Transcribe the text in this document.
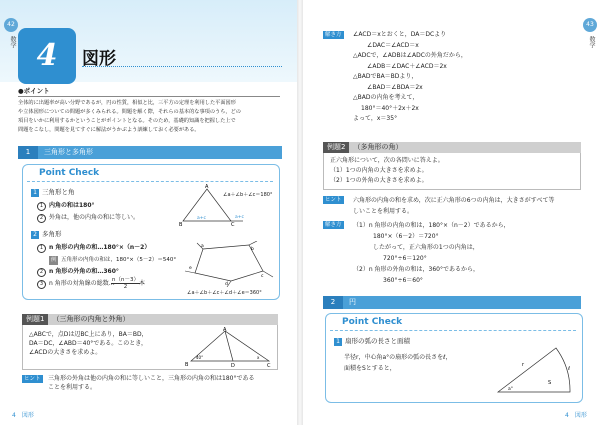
42
数学 4	図形
●ポイント
全体的に出題率が高い分野であるが，円の性質，相似と比，三平方の定理を利用した平面図形
や立体図形についての問題が多くみられる。問題を解く際，それらの基本的な事項のうち，どの
項目をいかに利用するかということがポイントとなる。そのため，基礎的知識を把握した上で
問題をこなし，問題を見てすぐに解法がうかぶよう訓練しておく必要がある。
1 三角形と多角形
Point Check
1 三角形と角
1 内角の和は180°
2 外角は，他の内角の和に等しい。
A
B	C
a+c	a+c
∠a＋∠b＋∠c＝180°
2 多角形
1 n 角形の内角の和…180°×（n－2）
例 五角形の内角の和は，180°×（5－2）＝540°
2 n 角形の外角の和…360°
3 n 角形の対角線の総数…
$\frac{n(n-3)}{2}$ 本
a
b
c
d
e
∠a＋∠b＋∠c＋∠d＋∠e＝360°
例題1 （三角形の内角と外角）
△ABCで，点Dは辺BC上にあり，BA＝BD，
DA＝DC，∠ABD＝40°である。このとき，
∠ACDの大きさを求めよ。
A
B	D	C
40°	x
ヒント	三角形の外角は他の内角の和に等しいこと，三角形の内角の和は180°である
ことを利用する。
4　図形
43
数学
解き方	∠ACD＝xとおくと，DA＝DCより
∠DAC＝∠ACD＝x
△ADCで，∠ADBは∠ADCの外角だから，
∠ADB＝∠DAC＋∠ACD＝2x
△BADでBA＝BDより，
∠BAD＝∠BDA＝2x
△BADの内角を考えて，
180°＝40°＋2x＋2x
よって，x＝35°
例題2 （多角形の角）
正六角形について，次の各問いに答えよ。
（1）1つの内角の大きさを求めよ。
（2）1つの外角の大きさを求めよ。
ヒント	六角形の内角の和を求め，次に正六角形の6つの内角は，大きさがすべて等
しいことを利用する。
解き方	（1）n 角形の内角の和は，180°×（n－2）であるから，
180°×（6－2）＝720°
したがって，正六角形の1つの内角は，
720°÷6＝120°
（2）n 角形の外角の和は，360°であるから，
360°÷6＝60°
2 円
Point Check
1 扇形の弧の長さと面積
半径r，中心角a°の扇形の弧の長さをℓ，
面積をSとすると，	r
S
ℓ
a°
4　図形
